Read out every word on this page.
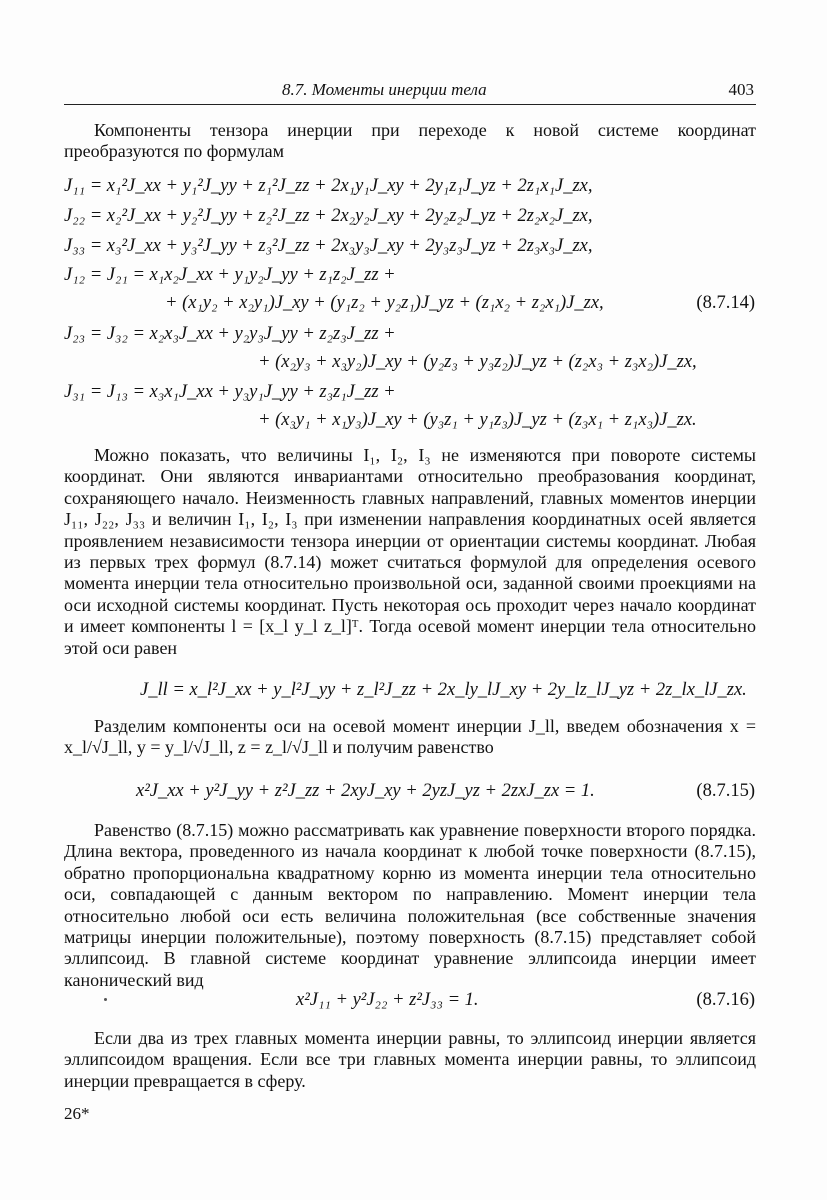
8.7. Моменты инерции тела	403

Компоненты тензора инерции при переходе к новой системе координат преобразуются по формулам

J₁₁ = x₁²J_xx + y₁²J_yy + z₁²J_zz + 2x₁y₁J_xy + 2y₁z₁J_yz + 2z₁x₁J_zx,
J₂₂ = x₂²J_xx + y₂²J_yy + z₂²J_zz + 2x₂y₂J_xy + 2y₂z₂J_yz + 2z₂x₂J_zx,
J₃₃ = x₃²J_xx + y₃²J_yy + z₃²J_zz + 2x₃y₃J_xy + 2y₃z₃J_yz + 2z₃x₃J_zx,
J₁₂ = J₂₁ = x₁x₂J_xx + y₁y₂J_yy + z₁z₂J_zz +
+ (x₁y₂ + x₂y₁)J_xy + (y₁z₂ + y₂z₁)J_yz + (z₁x₂ + z₂x₁)J_zx,	(8.7.14)
J₂₃ = J₃₂ = x₂x₃J_xx + y₂y₃J_yy + z₂z₃J_zz +
+ (x₂y₃ + x₃y₂)J_xy + (y₂z₃ + y₃z₂)J_yz + (z₂x₃ + z₃x₂)J_zx,
J₃₁ = J₁₃ = x₃x₁J_xx + y₃y₁J_yy + z₃z₁J_zz +
+ (x₃y₁ + x₁y₃)J_xy + (y₃z₁ + y₁z₃)J_yz + (z₃x₁ + z₁x₃)J_zx.

Можно показать, что величины I₁, I₂, I₃ не изменяются при повороте системы координат. Они являются инвариантами относительно преобразования координат, сохраняющего начало. Неизменность главных направлений, главных моментов инерции J₁₁, J₂₂, J₃₃ и величин I₁, I₂, I₃ при изменении направления координатных осей является проявлением независимости тензора инерции от ориентации системы координат. Любая из первых трех формул (8.7.14) может считаться формулой для определения осевого момента инерции тела относительно произвольной оси, заданной своими проекциями на оси исходной системы координат. Пусть некоторая ось проходит через начало координат и имеет компоненты l = [x_l y_l z_l]ᵀ. Тогда осевой момент инерции тела относительно этой оси равен

J_ll = x_l²J_xx + y_l²J_yy + z_l²J_zz + 2x_ly_lJ_xy + 2y_lz_lJ_yz + 2z_lx_lJ_zx.

Разделим компоненты оси на осевой момент инерции J_ll, введем обозначения x = x_l/√J_ll, y = y_l/√J_ll, z = z_l/√J_ll и получим равенство

x²J_xx + y²J_yy + z²J_zz + 2xyJ_xy + 2yzJ_yz + 2zxJ_zx = 1.	(8.7.15)

Равенство (8.7.15) можно рассматривать как уравнение поверхности второго порядка. Длина вектора, проведенного из начала координат к любой точке поверхности (8.7.15), обратно пропорциональна квадратному корню из момента инерции тела относительно оси, совпадающей с данным вектором по направлению. Момент инерции тела относительно любой оси есть величина положительная (все собственные значения матрицы инерции положительные), поэтому поверхность (8.7.15) представляет собой эллипсоид. В главной системе координат уравнение эллипсоида инерции имеет канонический вид

x²J₁₁ + y²J₂₂ + z²J₃₃ = 1.	(8.7.16)

Если два из трех главных момента инерции равны, то эллипсоид инерции является эллипсоидом вращения. Если все три главных момента инерции равны, то эллипсоид инерции превращается в сферу.

26*
